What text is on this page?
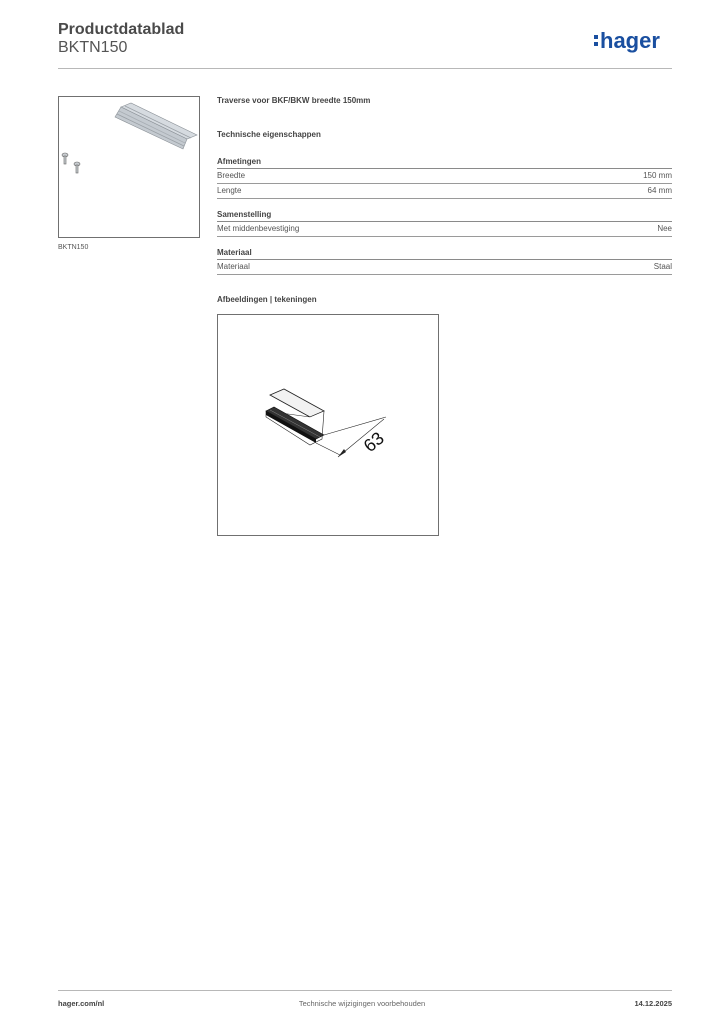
Productdatablad
BKTN150	hager
BKTN150
Traverse voor BKF/BKW breedte 150mm
Technische eigenschappen
Afmetingen
Breedte	150 mm
Lengte	64 mm
Samenstelling
Met middenbevestiging	Nee
Materiaal
Materiaal	Staal
Afbeeldingen | tekeningen
63
hager.com/nl	Technische wijzigingen voorbehouden	14.12.2025
